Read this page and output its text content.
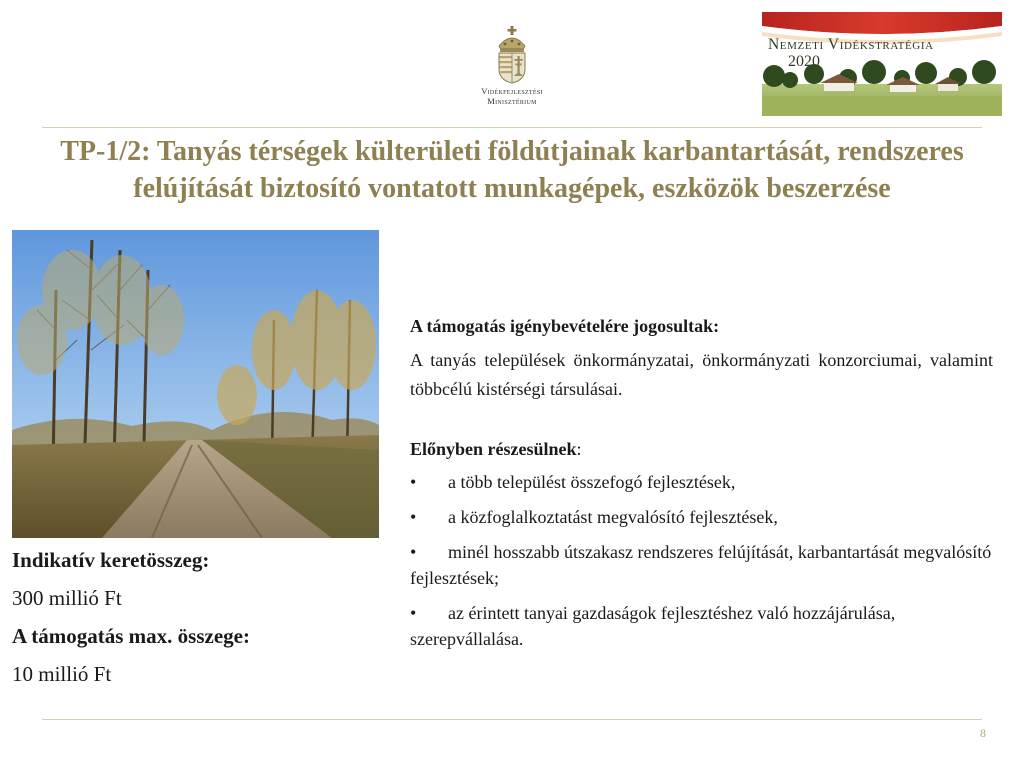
Vidékfejlesztési
Minisztérium
Nemzeti Vidékstratégia
2020
TP-1/2: Tanyás térségek külterületi földútjainak karbantartását, rendszeres felújítását biztosító vontatott munkagépek, eszközök beszerzése
Indikatív keretösszeg:
300 millió Ft
A támogatás max. összege:
10 millió Ft

A támogatás igénybevételére jogosultak:

A tanyás települések önkormányzatai, önkormányzati konzorciumai, valamint többcélú kistérségi társulásai.

Előnyben részesülnek:

• a több települést összefogó fejlesztések,
• a közfoglalkoztatást megvalósító fejlesztések,
• minél hosszabb útszakasz rendszeres felújítását, karbantartását megvalósító fejlesztések;
• az érintett tanyai gazdaságok fejlesztéshez való hozzájárulása, szerepvállalása.
8
